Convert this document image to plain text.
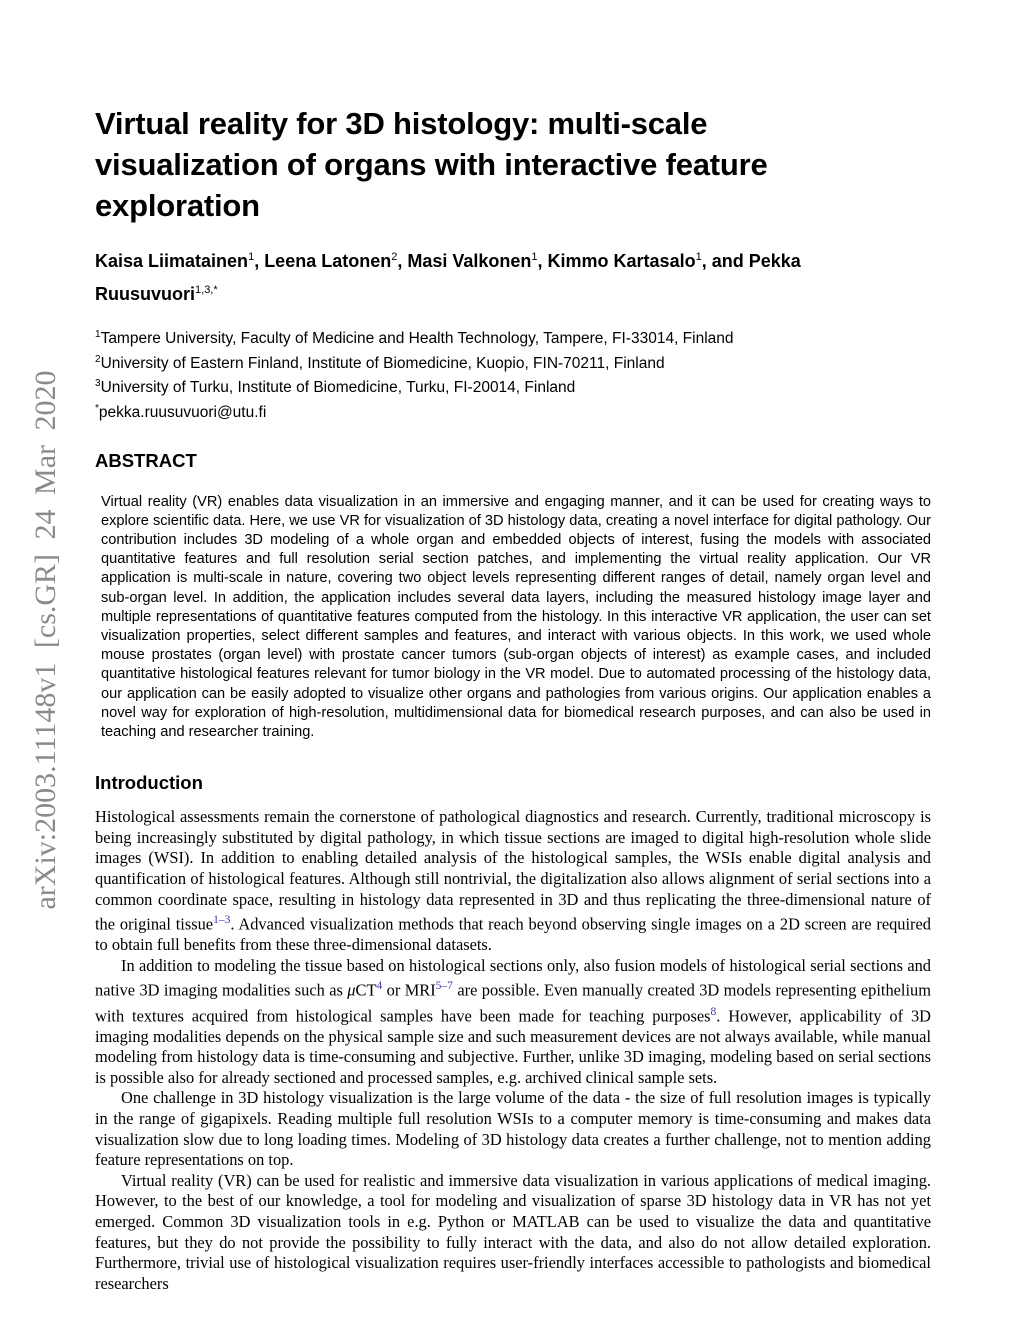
arXiv:2003.11148v1 [cs.GR] 24 Mar 2020
Virtual reality for 3D histology: multi-scale
visualization of organs with interactive feature
exploration
Kaisa Liimatainen$^1$, Leena Latonen$^2$, Masi Valkonen$^1$, Kimmo Kartasalo$^1$, and Pekka
Ruusuvuori$^{1,3,*}$
$^1$Tampere University, Faculty of Medicine and Health Technology, Tampere, FI-33014, Finland
$^2$University of Eastern Finland, Institute of Biomedicine, Kuopio, FIN-70211, Finland
$^3$University of Turku, Institute of Biomedicine, Turku, FI-20014, Finland
*pekka.ruusuvuori@utu.fi
ABSTRACT

Virtual reality (VR) enables data visualization in an immersive and engaging manner, and it can be used for creating ways to explore scientific data. Here, we use VR for visualization of 3D histology data, creating a novel interface for digital pathology. Our contribution includes 3D modeling of a whole organ and embedded objects of interest, fusing the models with associated quantitative features and full resolution serial section patches, and implementing the virtual reality application. Our VR application is multi-scale in nature, covering two object levels representing different ranges of detail, namely organ level and sub-organ level. In addition, the application includes several data layers, including the measured histology image layer and multiple representations of quantitative features computed from the histology. In this interactive VR application, the user can set visualization properties, select different samples and features, and interact with various objects. In this work, we used whole mouse prostates (organ level) with prostate cancer tumors (sub-organ objects of interest) as example cases, and included quantitative histological features relevant for tumor biology in the VR model. Due to automated processing of the histology data, our application can be easily adopted to visualize other organs and pathologies from various origins. Our application enables a novel way for exploration of high-resolution, multidimensional data for biomedical research purposes, and can also be used in teaching and researcher training.

Introduction

Histological assessments remain the cornerstone of pathological diagnostics and research. Currently, traditional microscopy is being increasingly substituted by digital pathology, in which tissue sections are imaged to digital high-resolution whole slide images (WSI). In addition to enabling detailed analysis of the histological samples, the WSIs enable digital analysis and quantification of histological features. Although still nontrivial, the digitalization also allows alignment of serial sections into a common coordinate space, resulting in histology data represented in 3D and thus replicating the three-dimensional nature of the original tissue$^{1-3}$. Advanced visualization methods that reach beyond observing single images on a 2D screen are required to obtain full benefits from these three-dimensional datasets.

In addition to modeling the tissue based on histological sections only, also fusion models of histological serial sections and native 3D imaging modalities such as μCT$^4$ or MRI$^{5-7}$ are possible. Even manually created 3D models representing epithelium with textures acquired from histological samples have been made for teaching purposes$^8$. However, applicability of 3D imaging modalities depends on the physical sample size and such measurement devices are not always available, while manual modeling from histology data is time-consuming and subjective. Further, unlike 3D imaging, modeling based on serial sections is possible also for already sectioned and processed samples, e.g. archived clinical sample sets.

One challenge in 3D histology visualization is the large volume of the data - the size of full resolution images is typically in the range of gigapixels. Reading multiple full resolution WSIs to a computer memory is time-consuming and makes data visualization slow due to long loading times. Modeling of 3D histology data creates a further challenge, not to mention adding feature representations on top.

Virtual reality (VR) can be used for realistic and immersive data visualization in various applications of medical imaging. However, to the best of our knowledge, a tool for modeling and visualization of sparse 3D histology data in VR has not yet emerged. Common 3D visualization tools in e.g. Python or MATLAB can be used to visualize the data and quantitative features, but they do not provide the possibility to fully interact with the data, and also do not allow detailed exploration. Furthermore, trivial use of histological visualization requires user-friendly interfaces accessible to pathologists and biomedical researchers
